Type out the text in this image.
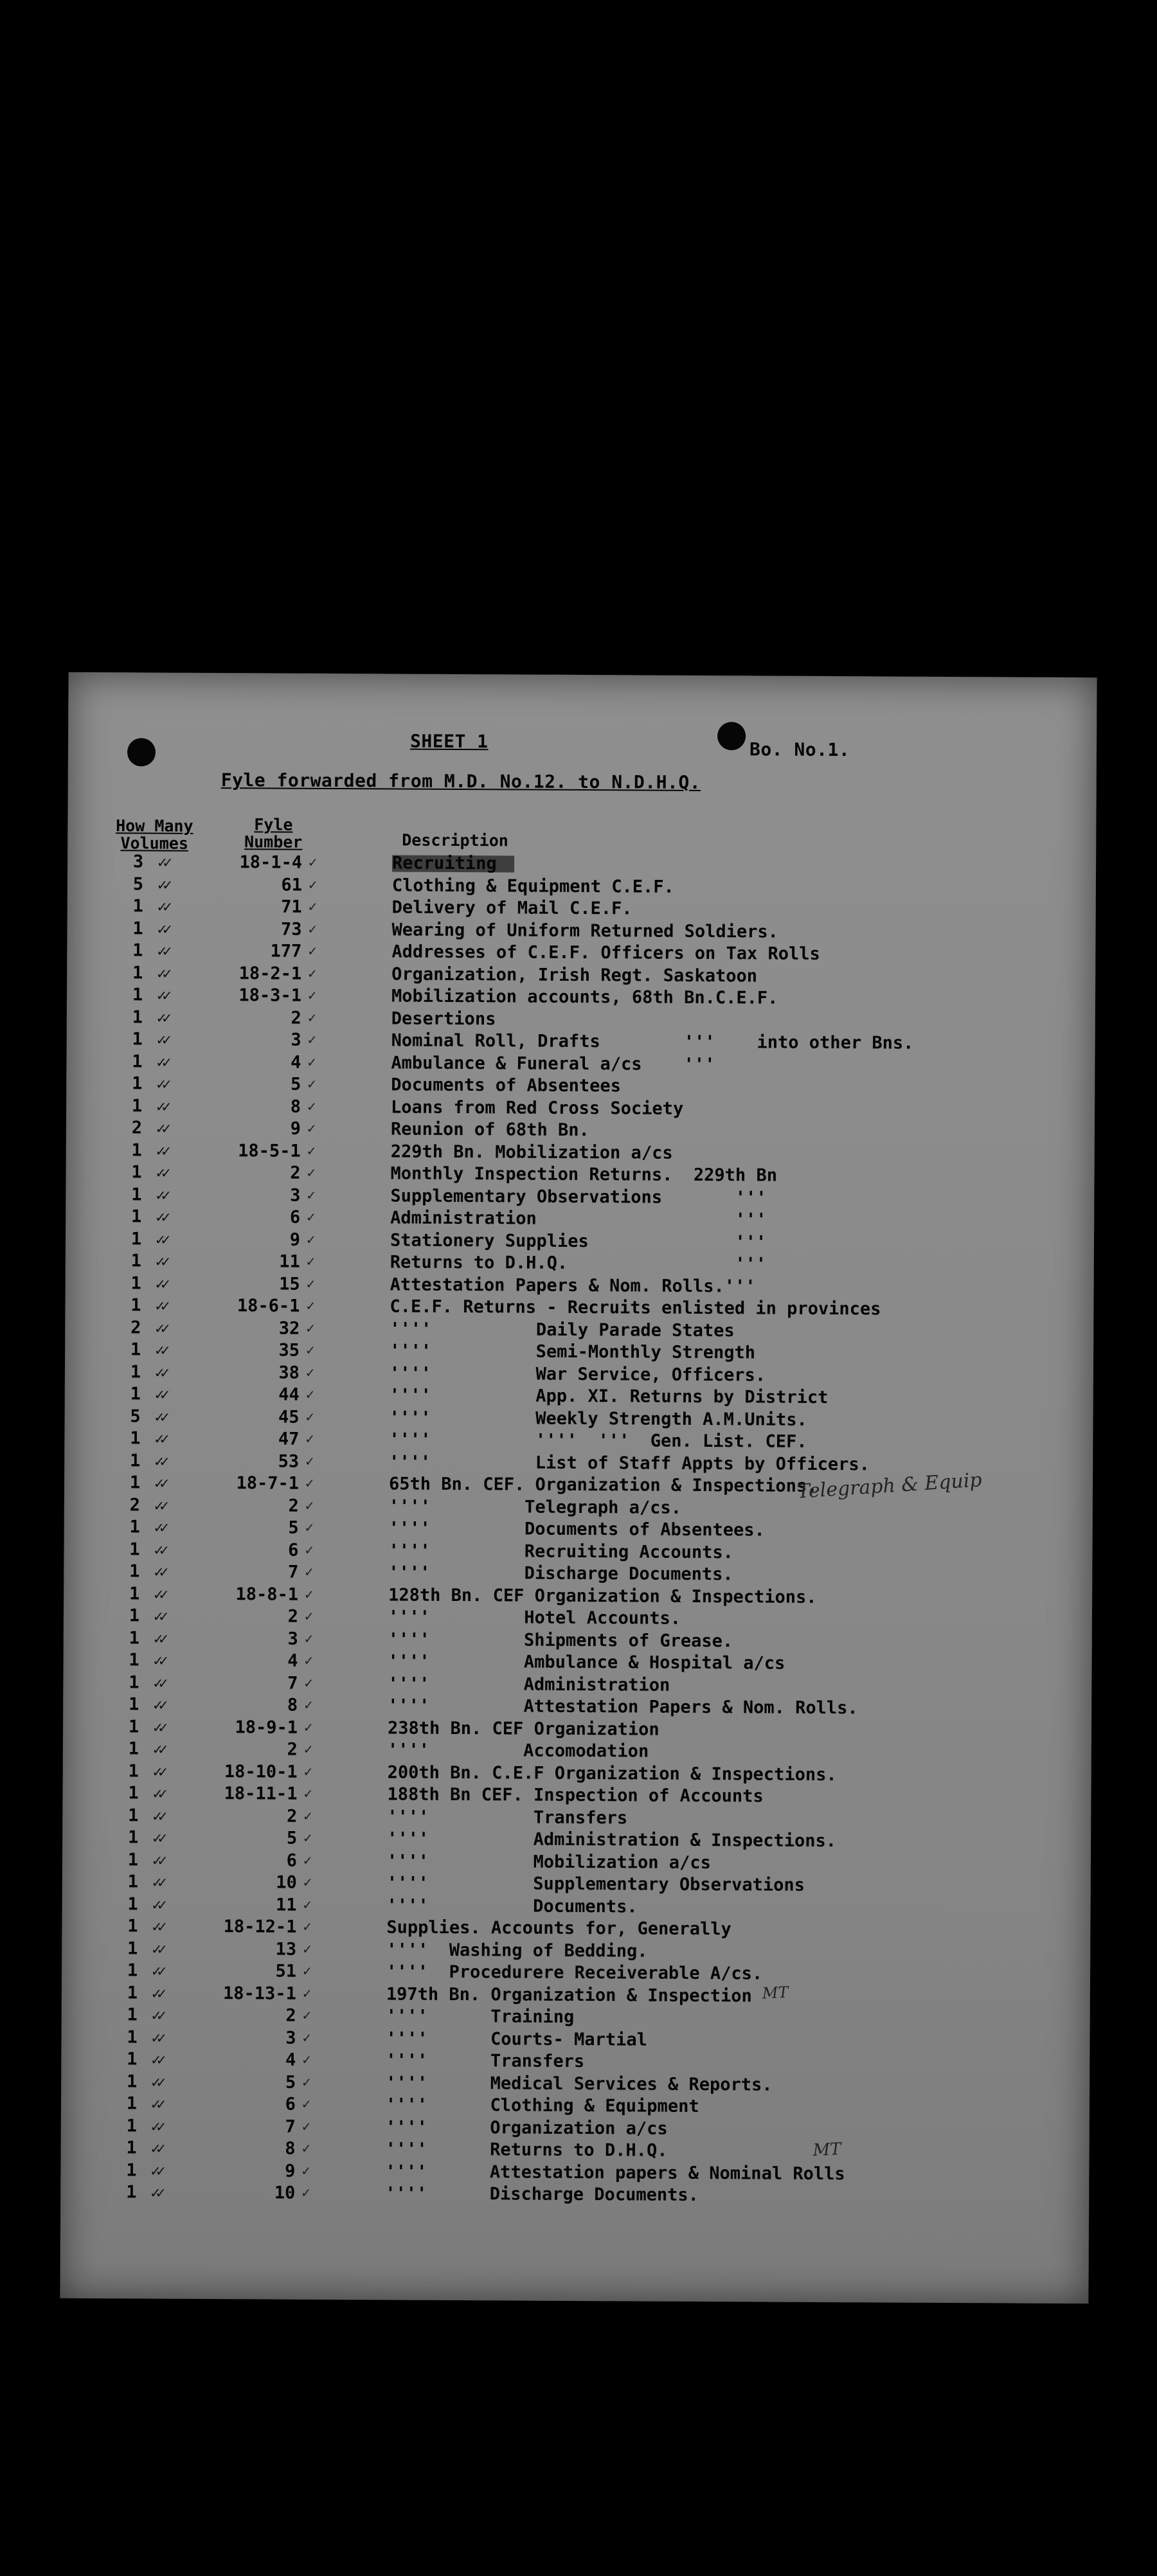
SHEET 1	Bo. No.1.
Fyle forwarded from M.D. No.12. to N.D.H.Q.
How Many Volumes
Fyle Number	Description
3 ✓✓	18-1-4 ✓	Recruiting
5 ✓✓	61 ✓	Clothing & Equipment C.E.F.
1 ✓✓	71 ✓	Delivery of Mail C.E.F.
1 ✓✓	73 ✓	Wearing of Uniform Returned Soldiers.
1 ✓✓	177 ✓	Addresses of C.E.F. Officers on Tax Rolls
1 ✓✓	18-2-1 ✓	Organization, Irish Regt. Saskatoon
1 ✓✓	18-3-1 ✓	Mobilization accounts, 68th Bn.C.E.F.
1 ✓✓	2 ✓	Desertions
1 ✓✓	3 ✓	Nominal Roll, Drafts        '''    into other Bns.
1 ✓✓	4 ✓	Ambulance & Funeral a/cs    '''
1 ✓✓	5 ✓	Documents of Absentees
1 ✓✓	8 ✓	Loans from Red Cross Society
2 ✓✓	9 ✓	Reunion of 68th Bn.
1 ✓✓	18-5-1 ✓	229th Bn. Mobilization a/cs
1 ✓✓	2 ✓	Monthly Inspection Returns.  229th Bn
1 ✓✓	3 ✓	Supplementary Observations       '''
1 ✓✓	6 ✓	Administration                   '''
1 ✓✓	9 ✓	Stationery Supplies              '''
1 ✓✓	11 ✓	Returns to D.H.Q.                '''
1 ✓✓	15 ✓	Attestation Papers & Nom. Rolls.'''
1 ✓✓	18-6-1 ✓	C.E.F. Returns - Recruits enlisted in provinces
2 ✓✓	32 ✓	''''          Daily Parade States
1 ✓✓	35 ✓	''''          Semi-Monthly Strength
1 ✓✓	38 ✓	''''          War Service, Officers.
1 ✓✓	44 ✓	''''          App. XI. Returns by District
5 ✓✓	45 ✓	''''          Weekly Strength A.M.Units.
1 ✓✓	47 ✓	''''          ''''  '''  Gen. List. CEF.
1 ✓✓	53 ✓	''''          List of Staff Appts by Officers.
1 ✓✓	18-7-1 ✓	65th Bn. CEF. Organization & Inspections.
2 ✓✓	2 ✓	''''         Telegraph a/cs.
1 ✓✓	5 ✓	''''         Documents of Absentees.
1 ✓✓	6 ✓	''''         Recruiting Accounts.
1 ✓✓	7 ✓	''''         Discharge Documents.
1 ✓✓	18-8-1 ✓	128th Bn. CEF Organization & Inspections.
1 ✓✓	2 ✓	''''         Hotel Accounts.
1 ✓✓	3 ✓	''''         Shipments of Grease.
1 ✓✓	4 ✓	''''         Ambulance & Hospital a/cs
1 ✓✓	7 ✓	''''         Administration
1 ✓✓	8 ✓	''''         Attestation Papers & Nom. Rolls.
1 ✓✓	18-9-1 ✓	238th Bn. CEF Organization
1 ✓✓	2 ✓	''''         Accomodation
1 ✓✓	18-10-1 ✓	200th Bn. C.E.F Organization & Inspections.
1 ✓✓	18-11-1 ✓	188th Bn CEF. Inspection of Accounts
1 ✓✓	2 ✓	''''          Transfers
1 ✓✓	5 ✓	''''          Administration & Inspections.
1 ✓✓	6 ✓	''''          Mobilization a/cs
1 ✓✓	10 ✓	''''          Supplementary Observations
1 ✓✓	11 ✓	''''          Documents.
1 ✓✓	18-12-1 ✓	Supplies. Accounts for, Generally
1 ✓✓	13 ✓	''''  Washing of Bedding.
1 ✓✓	51 ✓	''''  Procedurere Receiverable A/cs.
1 ✓✓	18-13-1 ✓	197th Bn. Organization & Inspection
1 ✓✓	2 ✓	''''      Training
1 ✓✓	3 ✓	''''      Courts- Martial
1 ✓✓	4 ✓	''''      Transfers
1 ✓✓	5 ✓	''''      Medical Services & Reports.
1 ✓✓	6 ✓	''''      Clothing & Equipment
1 ✓✓	7 ✓	''''      Organization a/cs
1 ✓✓	8 ✓	''''      Returns to D.H.Q.
1 ✓✓	9 ✓	''''      Attestation papers & Nominal Rolls
1 ✓✓	10 ✓	''''      Discharge Documents.
Telegraph & Equip
MT
MT
